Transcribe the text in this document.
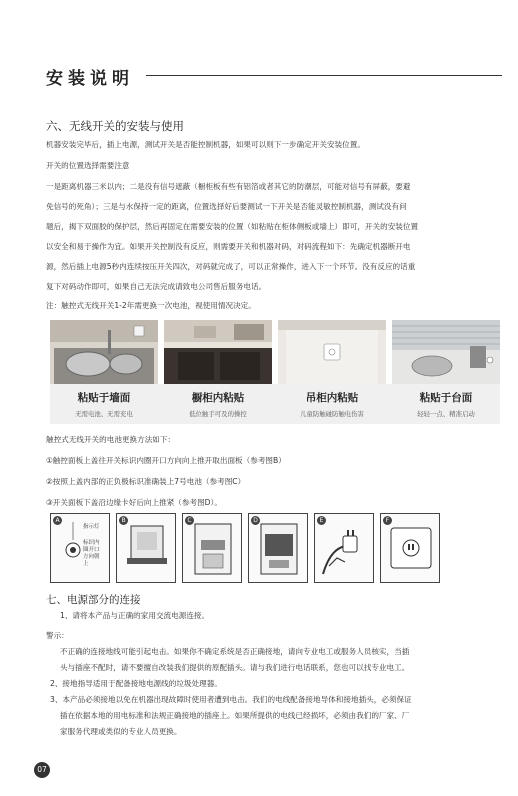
安装说明
六、无线开关的安装与使用
机器安装完毕后，插上电源，测试开关是否能控制机器，如果可以则下一步确定开关安装位置。
开关的位置选择需要注意
一是距离机器三米以内；二是没有信号遮蔽（橱柜板有些有铝箔或者其它的防潮层，可能对信号有屏蔽，要避
免信号的死角）；三是与水保持一定的距离，位置选择好后要测试一下开关是否能灵敏控制机器，测试没有问
题后，揭下双面胶的保护层，然后再固定在需要安装的位置（如粘贴在柜体侧板或墙上）即可，开关的安装位置
以安全和易于操作为宜。如果开关控制没有反应，则需要开关和机器对码，对码流程如下：先确定机器断开电
源，然后插上电源5秒内连续按压开关四次，对码就完成了，可以正常操作，进入下一个环节。没有反应的话重
复下对码动作即可，如果自己无法完成请致电公司售后服务电话。
注：触控式无线开关1-2年需更换一次电池，视使用情况决定。
粘贴于墙面
无需电池、无需充电
橱柜内粘贴
低位触手可及的操控
吊柜内粘贴
儿童防触碰防触电伤害
粘贴于台面
轻轻一点、精准启动
触控式无线开关的电池更换方法如下：
①触控面板上盖往开关标识内圈开口方向向上推开取出面板（参考图B）
②按照上盖内部的正负极标识准确装上7号电池（参考图C）
③开关面板下盖沿边缘卡好后向上推紧（参考图D）。
A
指示灯
标识内
圈开口
方向朝
上
B	C	D	E	F
七、电源部分的连接
1、请将本产品与正确的家用交流电源连接。
警示：
不正确的连接地线可能引起电击。如果你不确定系统是否正确接地，请向专业电工或服务人员核实，当插
头与插座不配时，请不要擅自改装我们提供的原配插头。请与我们进行电话联系，您也可以找专业电工。
2、接地指导适用于配备接地电源线的垃圾处理器。
3、本产品必须接地以免在机器出现故障时使用者遭到电击。我们的电线配备接地导体和接地插头，必须保证
插在依据本地的用电标准和法规正确接地的插座上。如果所提供的电线已经损坏，必须由我们的厂家、厂
家服务代理或类似的专业人员更换。
07
